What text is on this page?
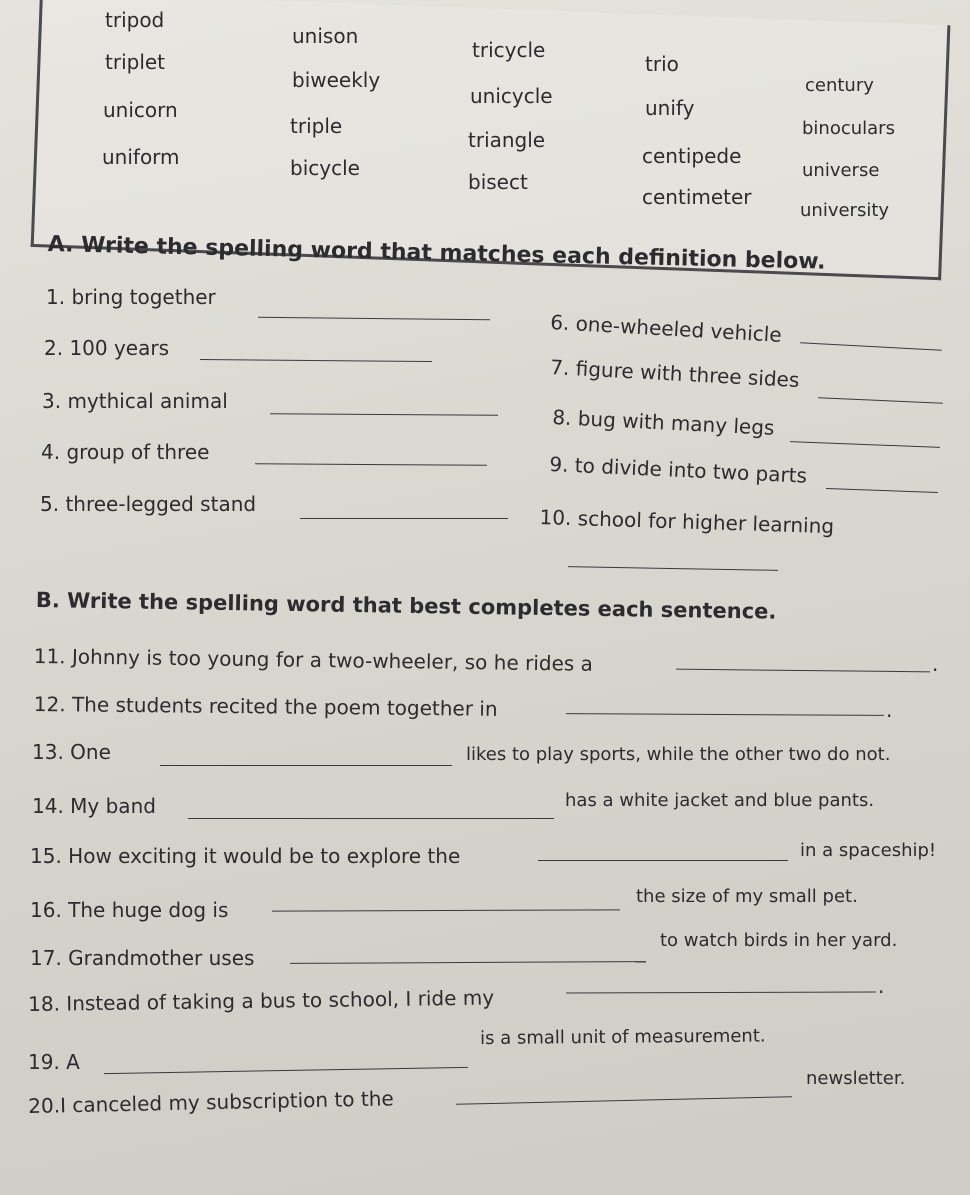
tripod
triplet
unicorn
uniform
unison
biweekly
triple
bicycle
tricycle
unicycle
triangle
bisect
trio
unify
centipede
centimeter
century
binoculars
universe
university
A. Write the spelling word that matches each definition below.
1. bring together
2. 100 years
3. mythical animal
4. group of three
5. three-legged stand
6. one-wheeled vehicle
7. figure with three sides
8. bug with many legs
9. to divide into two parts
10. school for higher learning
B. Write the spelling word that best completes each sentence.
11. Johnny is too young for a two-wheeler, so he rides a	.
12. The students recited the poem together in	.
13. One	likes to play sports, while the other two do not.
14. My band	has a white jacket and blue pants.
15. How exciting it would be to explore the	in a spaceship!
16. The huge dog is
the size of my small pet.
17. Grandmother uses
to watch birds in her yard.
18. Instead of taking a bus to school, I ride my	.
19. A
is a small unit of measurement.
20.I canceled my subscription to the
newsletter.
